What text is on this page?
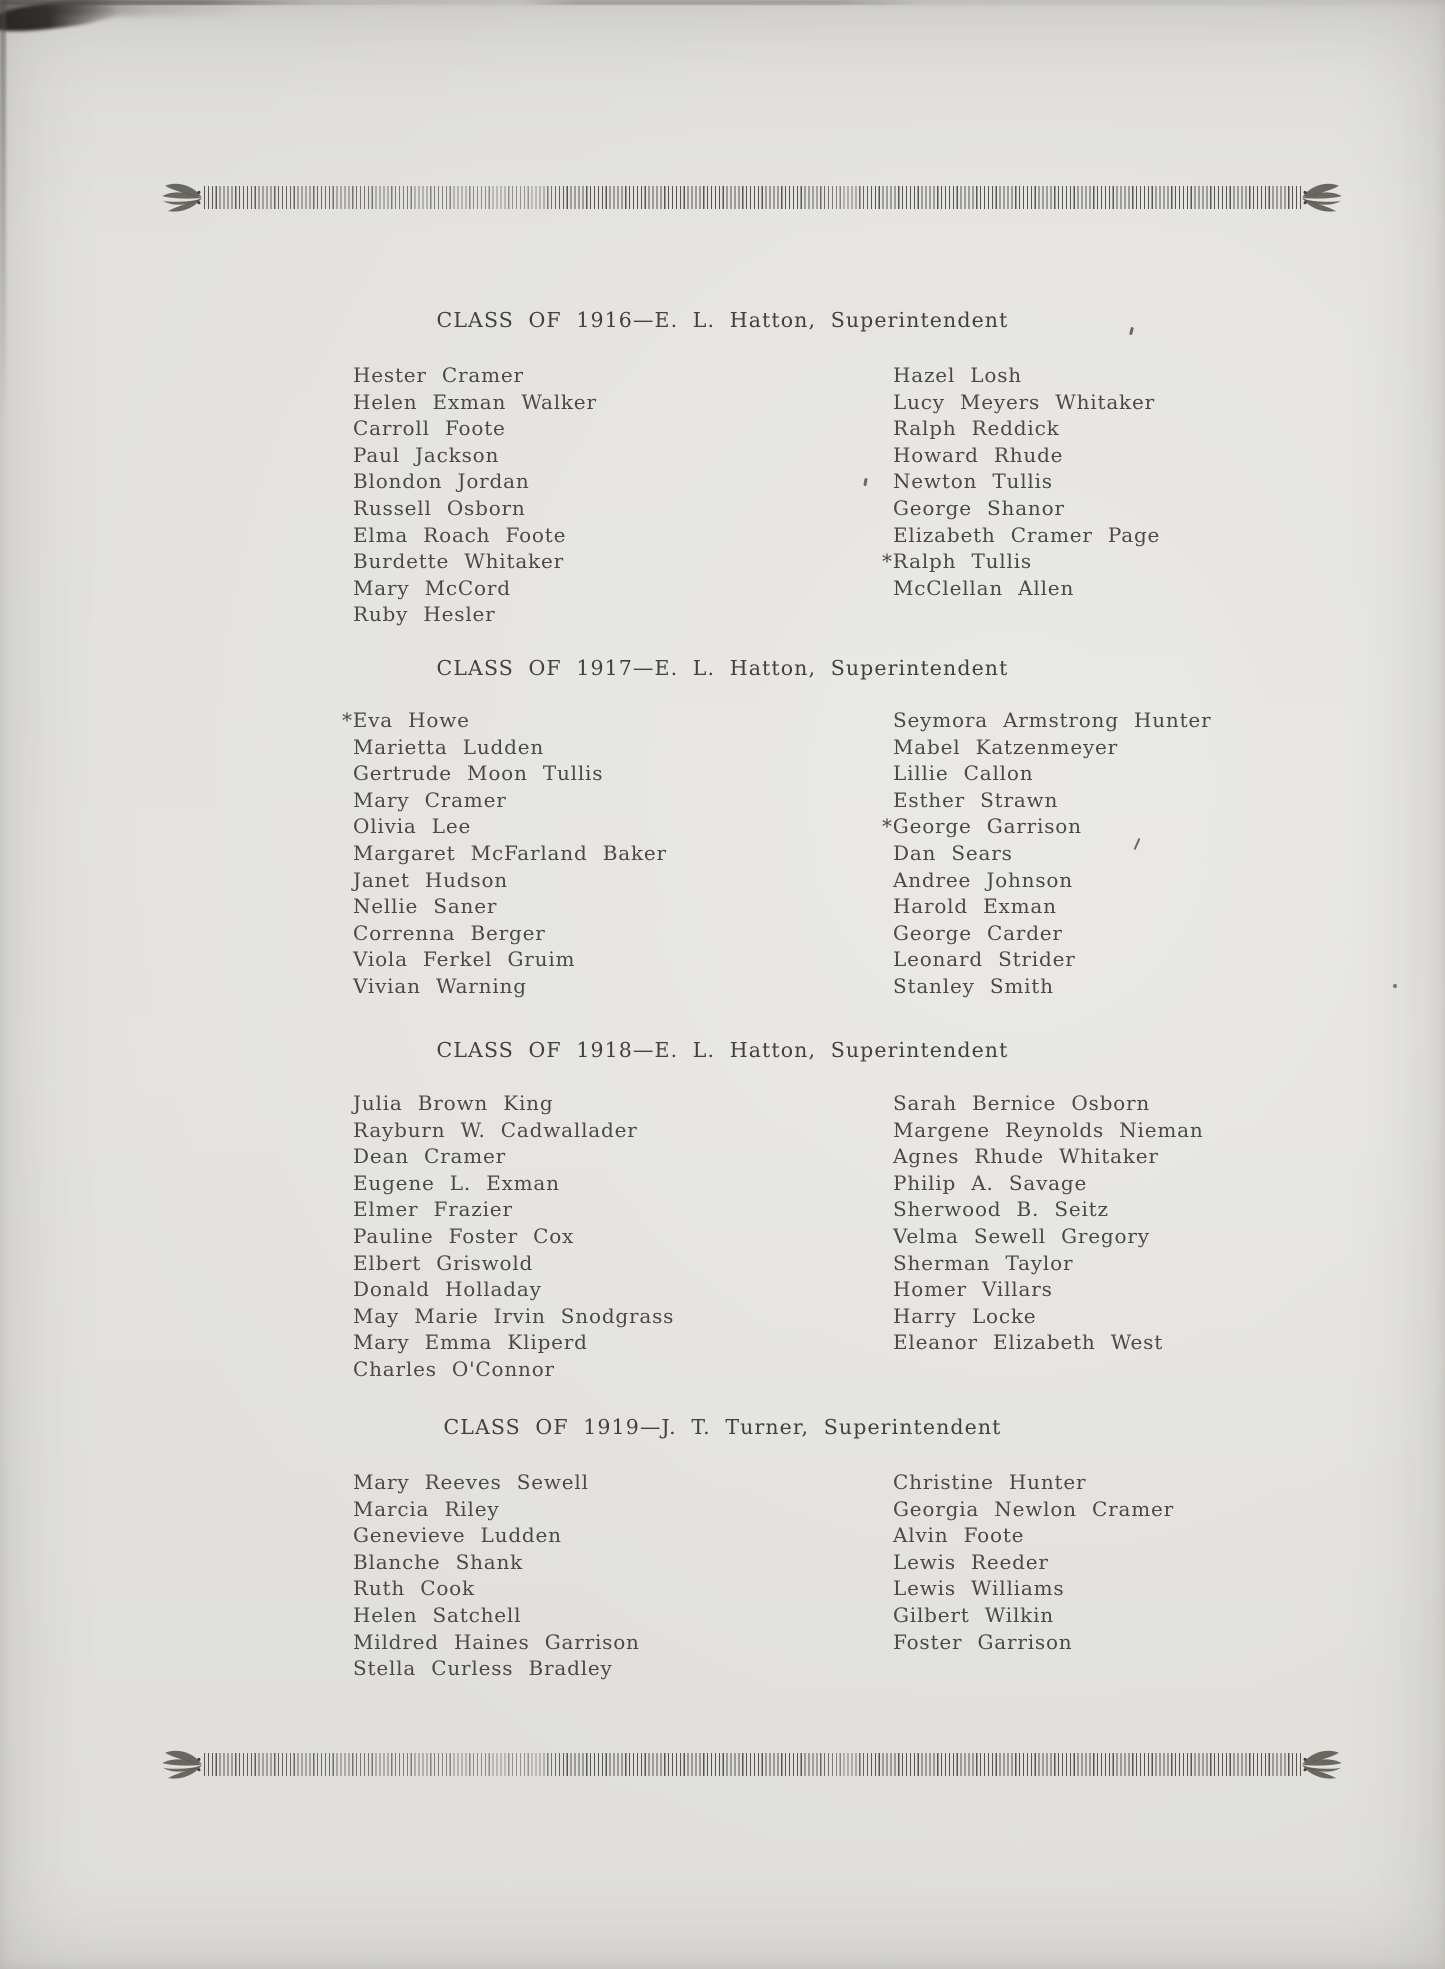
CLASS OF 1916—E. L. Hatton, Superintendent
Hester Cramer
Helen Exman Walker
Carroll Foote
Paul Jackson
Blondon Jordan
Russell Osborn
Elma Roach Foote
Burdette Whitaker
Mary McCord
Ruby Hesler
Hazel Losh
Lucy Meyers Whitaker
Ralph Reddick
Howard Rhude
Newton Tullis
George Shanor
Elizabeth Cramer Page
*Ralph Tullis
McClellan Allen
CLASS OF 1917—E. L. Hatton, Superintendent
*Eva Howe
Marietta Ludden
Gertrude Moon Tullis
Mary Cramer
Olivia Lee
Margaret McFarland Baker
Janet Hudson
Nellie Saner
Correnna Berger
Viola Ferkel Gruim
Vivian Warning
Seymora Armstrong Hunter
Mabel Katzenmeyer
Lillie Callon
Esther Strawn
*George Garrison
Dan Sears
Andree Johnson
Harold Exman
George Carder
Leonard Strider
Stanley Smith
CLASS OF 1918—E. L. Hatton, Superintendent
Julia Brown King
Rayburn W. Cadwallader
Dean Cramer
Eugene L. Exman
Elmer Frazier
Pauline Foster Cox
Elbert Griswold
Donald Holladay
May Marie Irvin Snodgrass
Mary Emma Kliperd
Charles O'Connor
Sarah Bernice Osborn
Margene Reynolds Nieman
Agnes Rhude Whitaker
Philip A. Savage
Sherwood B. Seitz
Velma Sewell Gregory
Sherman Taylor
Homer Villars
Harry Locke
Eleanor Elizabeth West
CLASS OF 1919—J. T. Turner, Superintendent
Mary Reeves Sewell
Marcia Riley
Genevieve Ludden
Blanche Shank
Ruth Cook
Helen Satchell
Mildred Haines Garrison
Stella Curless Bradley
Christine Hunter
Georgia Newlon Cramer
Alvin Foote
Lewis Reeder
Lewis Williams
Gilbert Wilkin
Foster Garrison
